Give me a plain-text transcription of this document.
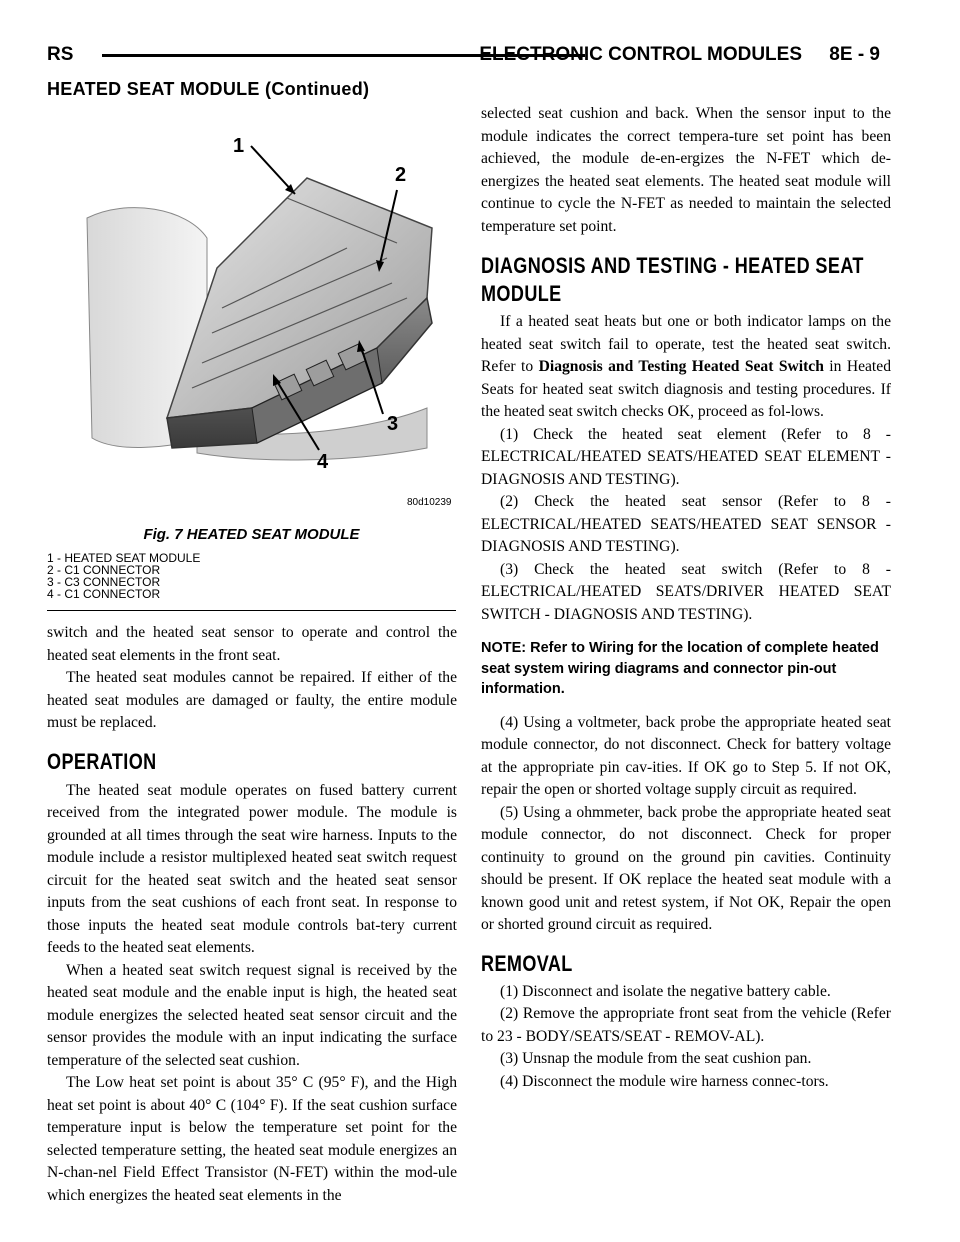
RS	ELECTRONIC CONTROL MODULES 8E - 9
HEATED SEAT MODULE (Continued)
1
2
3
4
80d10239
Fig. 7 HEATED SEAT MODULE
1 - HEATED SEAT MODULE
2 - C1 CONNECTOR
3 - C3 CONNECTOR
4 - C1 CONNECTOR

switch and the heated seat sensor to operate and control the heated seat elements in the front seat.

The heated seat modules cannot be repaired. If either of the heated seat modules are damaged or faulty, the entire module must be replaced.

OPERATION

The heated seat module operates on fused battery current received from the integrated power module. The module is grounded at all times through the seat wire harness. Inputs to the module include a resistor multiplexed heated seat switch request circuit for the heated seat switch and the heated seat sensor inputs from the seat cushions of each front seat. In response to those inputs the heated seat module controls bat-tery current feeds to the heated seat elements.

When a heated seat switch request signal is received by the heated seat module and the enable input is high, the heated seat module energizes the selected heated seat sensor circuit and the sensor provides the module with an input indicating the surface temperature of the selected seat cushion.

The Low heat set point is about 35° C (95° F), and the High heat set point is about 40° C (104° F). If the seat cushion surface temperature input is below the temperature set point for the selected temperature setting, the heated seat module energizes an N-chan-nel Field Effect Transistor (N-FET) within the mod-ule which energizes the heated seat elements in the

selected seat cushion and back. When the sensor input to the module indicates the correct tempera-ture set point has been achieved, the module de-en-ergizes the N-FET which de-energizes the heated seat elements. The heated seat module will continue to cycle the N-FET as needed to maintain the selected temperature set point.

DIAGNOSIS AND TESTING - HEATED SEAT
MODULE

If a heated seat heats but one or both indicator lamps on the heated seat switch fail to operate, test the heated seat switch. Refer to Diagnosis and Testing Heated Seat Switch in Heated Seats for heated seat switch diagnosis and testing procedures. If the heated seat switch checks OK, proceed as fol-lows.

(1) Check the heated seat element (Refer to 8 - ELECTRICAL/HEATED SEATS/HEATED SEAT ELEMENT - DIAGNOSIS AND TESTING).

(2) Check the heated seat sensor (Refer to 8 - ELECTRICAL/HEATED SEATS/HEATED SEAT SENSOR - DIAGNOSIS AND TESTING).

(3) Check the heated seat switch (Refer to 8 - ELECTRICAL/HEATED SEATS/DRIVER HEATED SEAT SWITCH - DIAGNOSIS AND TESTING).

NOTE: Refer to Wiring for the location of complete heated seat system wiring diagrams and connector pin-out information.

(4) Using a voltmeter, back probe the appropriate heated seat module connector, do not disconnect. Check for battery voltage at the appropriate pin cav-ities. If OK go to Step 5. If not OK, repair the open or shorted voltage supply circuit as required.

(5) Using a ohmmeter, back probe the appropriate heated seat module connector, do not disconnect. Check for proper continuity to ground on the ground pin cavities. Continuity should be present. If OK replace the heated seat module with a known good unit and retest system, if Not OK, Repair the open or shorted ground circuit as required.

REMOVAL

(1) Disconnect and isolate the negative battery cable.

(2) Remove the appropriate front seat from the vehicle (Refer to 23 - BODY/SEATS/SEAT - REMOV-AL).

(3) Unsnap the module from the seat cushion pan.

(4) Disconnect the module wire harness connec-tors.
